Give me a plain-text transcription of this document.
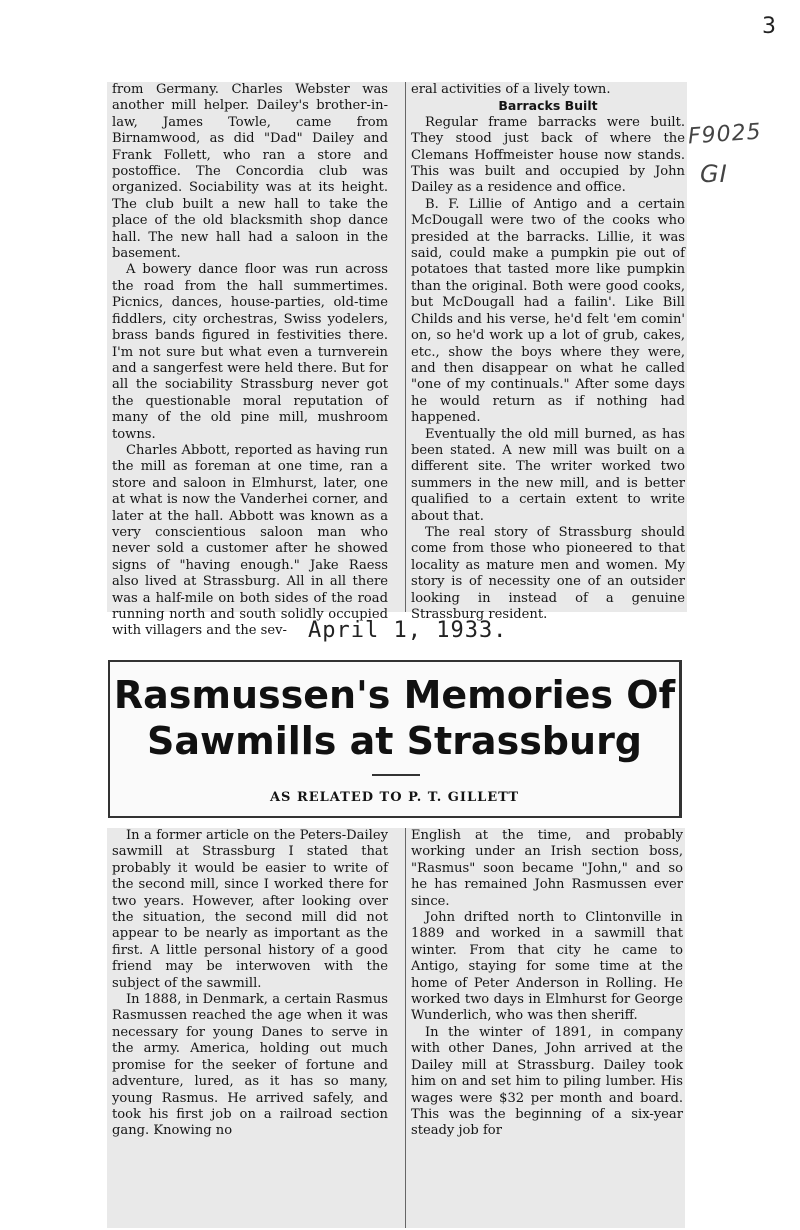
3
F9025
GI

from Germany. Charles Webster was another mill helper. Dailey's brother-in-law, James Towle, came from Birnamwood, as did "Dad" Dailey and Frank Follett, who ran a store and postoffice. The Concordia club was organized. Sociability was at its height. The club built a new hall to take the place of the old blacksmith shop dance hall. The new hall had a saloon in the basement.

A bowery dance floor was run across the road from the hall summertimes. Picnics, dances, house-parties, old-time fiddlers, city orchestras, Swiss yodelers, brass bands figured in festivities there. I'm not sure but what even a turnverein and a sangerfest were held there. But for all the sociability Strassburg never got the questionable moral reputation of many of the old pine mill, mushroom towns.

Charles Abbott, reported as having run the mill as foreman at one time, ran a store and saloon in Elmhurst, later, one at what is now the Vanderhei corner, and later at the hall. Abbott was known as a very conscientious saloon man who never sold a customer after he showed signs of "having enough." Jake Raess also lived at Strassburg. All in all there was a half-mile on both sides of the road running north and south solidly occupied with villagers and the sev-

eral activities of a lively town.

Barracks Built

Regular frame barracks were built. They stood just back of where the Clemans Hoffmeister house now stands. This was built and occupied by John Dailey as a residence and office.

B. F. Lillie of Antigo and a certain McDougall were two of the cooks who presided at the barracks. Lillie, it was said, could make a pumpkin pie out of potatoes that tasted more like pumpkin than the original. Both were good cooks, but McDougall had a failin'. Like Bill Childs and his verse, he'd felt 'em comin' on, so he'd work up a lot of grub, cakes, etc., show the boys where they were, and then disappear on what he called "one of my continuals." After some days he would return as if nothing had happened.

Eventually the old mill burned, as has been stated. A new mill was built on a different site. The writer worked two summers in the new mill, and is better qualified to a certain extent to write about that.

The real story of Strassburg should come from those who pioneered to that locality as mature men and women. My story is of necessity one of an outsider looking in instead of a genuine Strassburg resident.

April 1, 1933.
Rasmussen's Memories Of
Sawmills at Strassburg
AS RELATED TO P. T. GILLETT

In a former article on the Peters-Dailey sawmill at Strassburg I stated that probably it would be easier to write of the second mill, since I worked there for two years. However, after looking over the situation, the second mill did not appear to be nearly as important as the first. A little personal history of a good friend may be interwoven with the subject of the sawmill.

In 1888, in Denmark, a certain Rasmus Rasmussen reached the age when it was necessary for young Danes to serve in the army. America, holding out much promise for the seeker of fortune and adventure, lured, as it has so many, young Rasmus. He arrived safely, and took his first job on a railroad section gang. Knowing no

English at the time, and probably working under an Irish section boss, "Rasmus" soon became "John," and so he has remained John Rasmussen ever since.

John drifted north to Clintonville in 1889 and worked in a sawmill that winter. From that city he came to Antigo, staying for some time at the home of Peter Anderson in Rolling. He worked two days in Elmhurst for George Wunderlich, who was then sheriff.

In the winter of 1891, in company with other Danes, John arrived at the Dailey mill at Strassburg. Dailey took him on and set him to piling lumber. His wages were $32 per month and board. This was the beginning of a six-year steady job for
